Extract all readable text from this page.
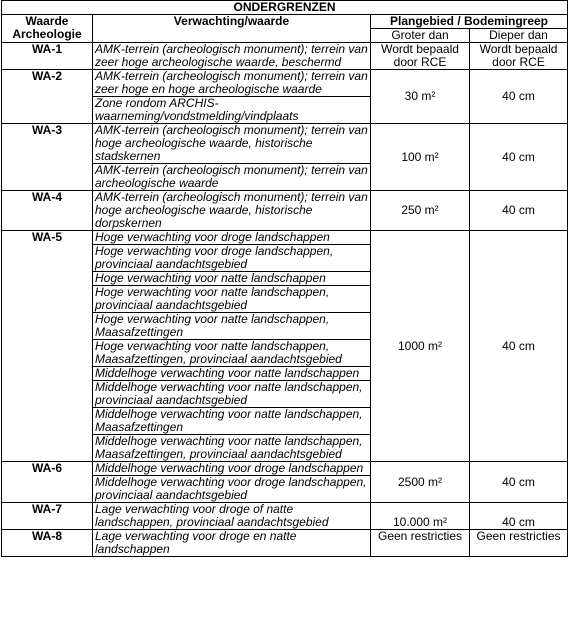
ONDERGRENZEN			
Waarde Archeologie	Verwachting/waarde	Plangebied / Bodemingreep	
		Groter dan	Dieper dan
WA-1	AMK-terrein (archeologisch monument); terrein van zeer hoge archeologische waarde, beschermd	Wordt bepaald door RCE	Wordt bepaald door RCE
WA-2	AMK-terrein (archeologisch monument); terrein van zeer hoge en hoge archeologische waarde	30 m²	40 cm
	Zone rondom ARCHIS-waarneming/vondstmelding/vindplaats		
WA-3	AMK-terrein (archeologisch monument); terrein van hoge archeologische waarde, historische stadskernen	100 m²	40 cm
	AMK-terrein (archeologisch monument); terrein van archeologische waarde		
WA-4	AMK-terrein (archeologisch monument); terrein van hoge archeologische waarde, historische dorpskernen	250 m²	40 cm
WA-5	Hoge verwachting voor droge landschappen	1000 m²	40 cm
	Hoge verwachting voor droge landschappen, provinciaal aandachtsgebied		
	Hoge verwachting voor natte landschappen		
	Hoge verwachting voor natte landschappen, provinciaal aandachtsgebied		
	Hoge verwachting voor natte landschappen, Maasafzettingen		
	Hoge verwachting voor natte landschappen, Maasafzettingen, provinciaal aandachtsgebied		
	Middelhoge verwachting voor natte landschappen		
	Middelhoge verwachting voor natte landschappen, provinciaal aandachtsgebied		
	Middelhoge verwachting voor natte landschappen, Maasafzettingen		
	Middelhoge verwachting voor natte landschappen, Maasafzettingen, provinciaal aandachtsgebied		
WA-6	Middelhoge verwachting voor droge landschappen	2500 m²	40 cm
	Middelhoge verwachting voor droge landschappen, provinciaal aandachtsgebied		
WA-7	Lage verwachting voor droge of natte landschappen, provinciaal aandachtsgebied	10.000 m²	40 cm
WA-8	Lage verwachting voor droge en natte landschappen	Geen restricties	Geen restricties
